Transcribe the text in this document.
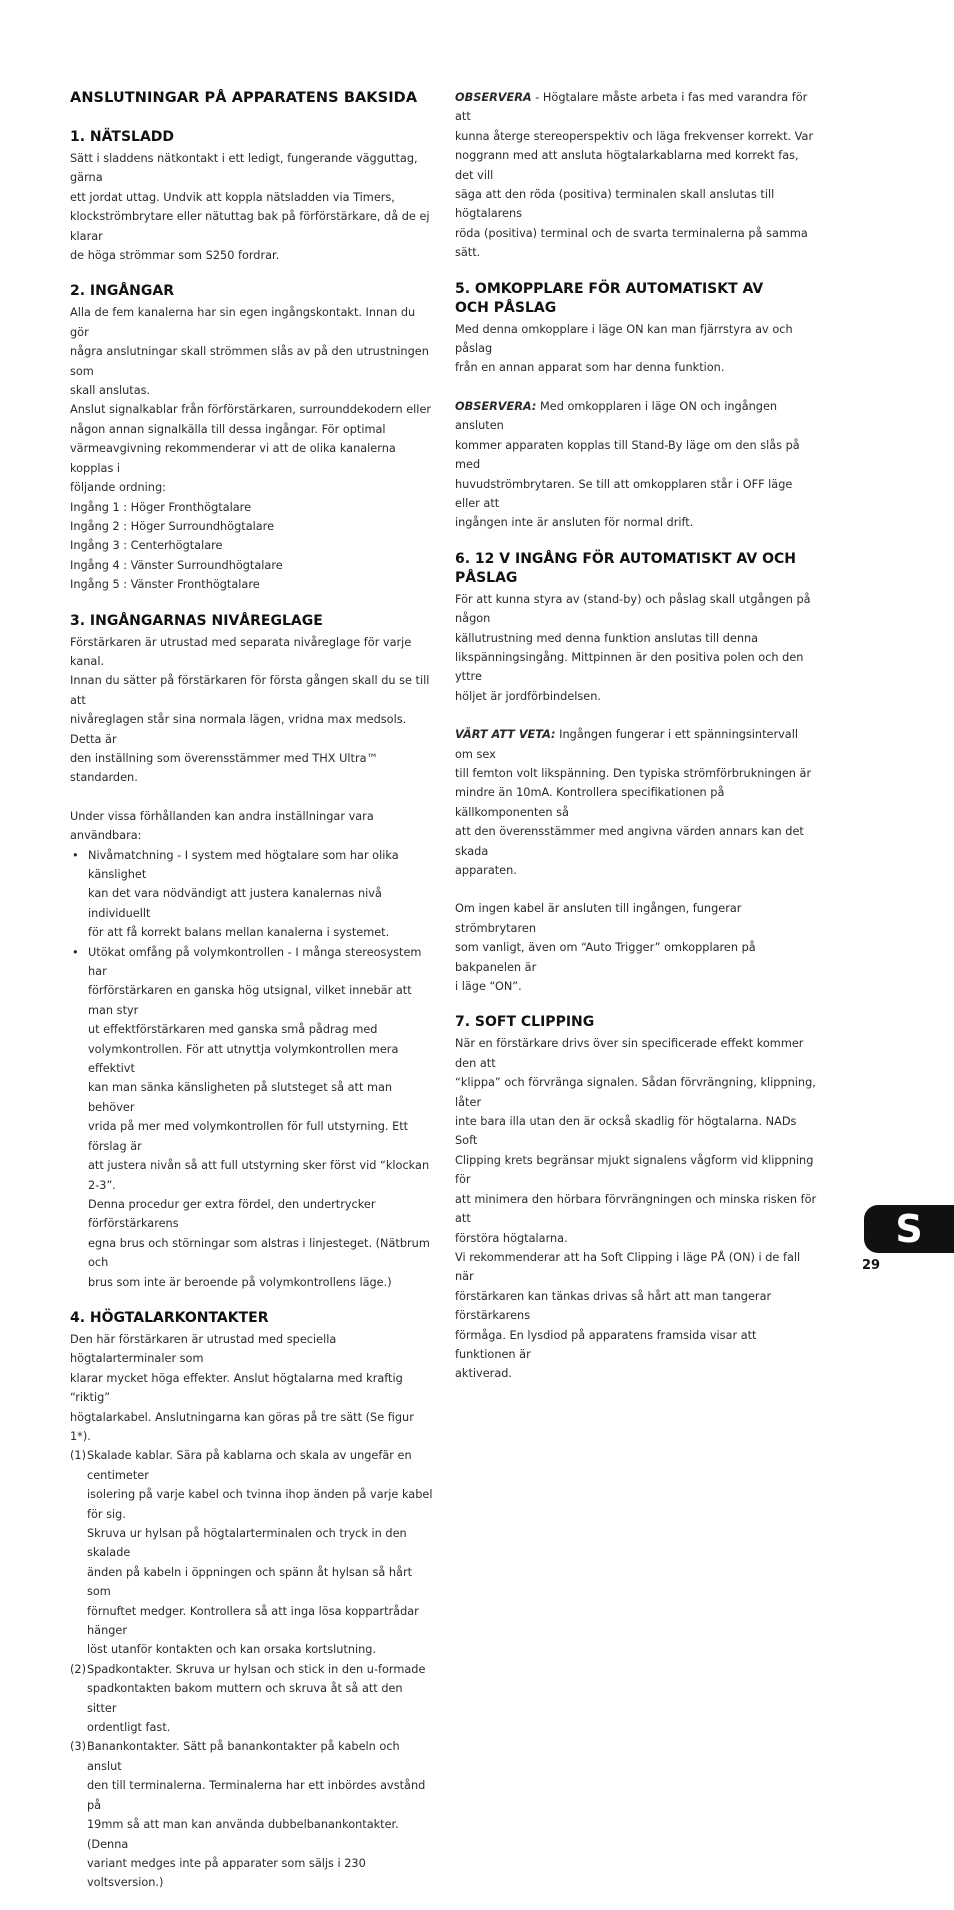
ANSLUTNINGAR PÅ APPARATENS BAKSIDA
1. NÄTSLADD

Sätt i sladdens nätkontakt i ett ledigt, fungerande vägguttag, gärna
ett jordat uttag. Undvik att koppla nätsladden via Timers,
klockströmbrytare eller nätuttag bak på förförstärkare, då de ej klarar
de höga strömmar som S250 fordrar.

2. INGÅNGAR

Alla de fem kanalerna har sin egen ingångskontakt. Innan du gör
några anslutningar skall strömmen slås av på den utrustningen som
skall anslutas.
Anslut signalkablar från förförstärkaren, surrounddekodern eller
någon annan signalkälla till dessa ingångar. För optimal
värmeavgivning rekommenderar vi att de olika kanalerna kopplas i
följande ordning:
Ingång 1 : Höger Fronthögtalare
Ingång 2 : Höger Surroundhögtalare
Ingång 3 : Centerhögtalare
Ingång 4 : Vänster Surroundhögtalare
Ingång 5 : Vänster Fronthögtalare

3. INGÅNGARNAS NIVÅREGLAGE

Förstärkaren är utrustad med separata nivåreglage för varje kanal.
Innan du sätter på förstärkaren för första gången skall du se till att
nivåreglagen står sina normala lägen, vridna max medsols. Detta är
den inställning som överensstämmer med THX Ultra™ standarden.

Under vissa förhållanden kan andra inställningar vara användbara:

• Nivåmatchning - I system med högtalare som har olika känslighet
kan det vara nödvändigt att justera kanalernas nivå individuellt
för att få korrekt balans mellan kanalerna i systemet.
• Utökat omfång på volymkontrollen - I många stereosystem har
förförstärkaren en ganska hög utsignal, vilket innebär att man styr
ut effektförstärkaren med ganska små pådrag med
volymkontrollen. För att utnyttja volymkontrollen mera effektivt
kan man sänka känsligheten på slutsteget så att man behöver
vrida på mer med volymkontrollen för full utstyrning. Ett förslag är
att justera nivån så att full utstyrning sker först vid “klockan 2-3”.
Denna procedur ger extra fördel, den undertrycker förförstärkarens
egna brus och störningar som alstras i linjesteget. (Nätbrum och
brus som inte är beroende på volymkontrollens läge.)
4. HÖGTALARKONTAKTER

Den här förstärkaren är utrustad med speciella högtalarterminaler som
klarar mycket höga effekter. Anslut högtalarna med kraftig “riktig”
högtalarkabel. Anslutningarna kan göras på tre sätt (Se figur 1*).

(1) Skalade kablar. Sära på kablarna och skala av ungefär en centimeter
isolering på varje kabel och tvinna ihop änden på varje kabel för sig.
Skruva ur hylsan på högtalarterminalen och tryck in den skalade
änden på kabeln i öppningen och spänn åt hylsan så hårt som
förnuftet medger. Kontrollera så att inga lösa koppartrådar hänger
löst utanför kontakten och kan orsaka kortslutning.
(2) Spadkontakter. Skruva ur hylsan och stick in den u-formade
spadkontakten bakom muttern och skruva åt så att den sitter
ordentligt fast.
(3) Banankontakter. Sätt på banankontakter på kabeln och anslut
den till terminalerna. Terminalerna har ett inbördes avstånd på
19mm så att man kan använda dubbelbanankontakter. (Denna
variant medges inte på apparater som säljs i 230 voltsversion.)

OBSERVERA - Högtalare måste arbeta i fas med varandra för att
kunna återge stereoperspektiv och läga frekvenser korrekt. Var
noggrann med att ansluta högtalarkablarna med korrekt fas, det vill
säga att den röda (positiva) terminalen skall anslutas till högtalarens
röda (positiva) terminal och de svarta terminalerna på samma sätt.

5. OMKOPPLARE FÖR AUTOMATISKT AV
OCH PÅSLAG

Med denna omkopplare i läge ON kan man fjärrstyra av och påslag
från en annan apparat som har denna funktion.

OBSERVERA: Med omkopplaren i läge ON och ingången ansluten
kommer apparaten kopplas till Stand-By läge om den slås på med
huvudströmbrytaren. Se till att omkopplaren står i OFF läge eller att
ingången inte är ansluten för normal drift.

6. 12 V INGÅNG FÖR AUTOMATISKT AV OCH
PÅSLAG

För att kunna styra av (stand-by) och påslag skall utgången på någon
källutrustning med denna funktion anslutas till denna
likspänningsingång. Mittpinnen är den positiva polen och den yttre
höljet är jordförbindelsen.

VÄRT ATT VETA: Ingången fungerar i ett spänningsintervall om sex
till femton volt likspänning. Den typiska strömförbrukningen är
mindre än 10mA. Kontrollera specifikationen på källkomponenten så
att den överensstämmer med angivna värden annars kan det skada
apparaten.

Om ingen kabel är ansluten till ingången, fungerar strömbrytaren
som vanligt, även om “Auto Trigger” omkopplaren på bakpanelen är
i läge “ON”.

7. SOFT CLIPPING

När en förstärkare drivs över sin specificerade effekt kommer den att
“klippa” och förvränga signalen. Sådan förvrängning, klippning, låter
inte bara illa utan den är också skadlig för högtalarna. NADs Soft
Clipping krets begränsar mjukt signalens vågform vid klippning för
att minimera den hörbara förvrängningen och minska risken för att
förstöra högtalarna.
Vi rekommenderar att ha Soft Clipping i läge PÅ (ON) i de fall när
förstärkaren kan tänkas drivas så hårt att man tangerar förstärkarens
förmåga. En lysdiod på apparatens framsida visar att funktionen är
aktiverad.

S
29
